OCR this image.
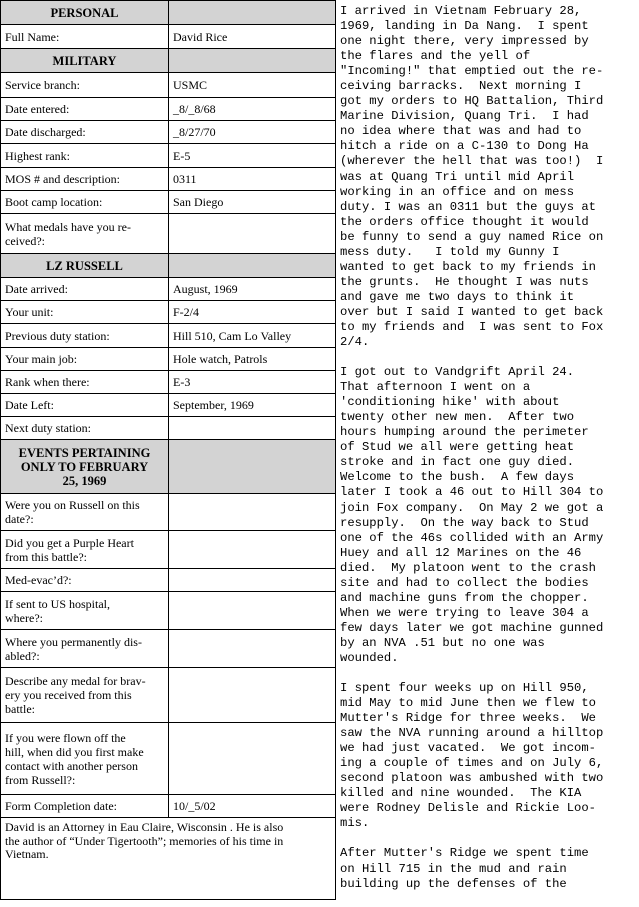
PERSONAL	
Full Name:	David Rice
MILITARY	
Service branch:	USMC
Date entered:	_8/_8/68
Date discharged:	_8/27/70
Highest rank:	E-5
MOS # and description:	0311
Boot camp location:	San Diego
What medals have you re-
ceived?:	
LZ RUSSELL	
Date arrived:	August, 1969
Your unit:	F-2/4
Previous duty station:	Hill 510, Cam Lo Valley
Your main job:	Hole watch, Patrols
Rank when there:	E-3
Date Left:	September, 1969
Next duty station:	
EVENTS PERTAINING
ONLY TO FEBRUARY
25, 1969	
Were you on Russell on this
date?:	
Did you get a Purple Heart
from this battle?:	
Med-evac’d?:	
If sent to US hospital,
where?:	
Where you permanently dis-
abled?:	
Describe any medal for brav-
ery you received from this
battle:	
If you were flown off the
hill, when did you first make
contact with another person
from Russell?:	
Form Completion date:	10/_5/02
David is an Attorney in Eau Claire, Wisconsin . He is also
the author of “Under Tigertooth”; memories of his time in
Vietnam.	

I arrived in Vietnam February 28,
1969, landing in Da Nang.  I spent
one night there, very impressed by
the flares and the yell of
"Incoming!" that emptied out the re-
ceiving barracks.  Next morning I
got my orders to HQ Battalion, Third
Marine Division, Quang Tri.  I had
no idea where that was and had to
hitch a ride on a C-130 to Dong Ha
(wherever the hell that was too!)  I
was at Quang Tri until mid April
working in an office and on mess
duty. I was an 0311 but the guys at
the orders office thought it would
be funny to send a guy named Rice on
mess duty.   I told my Gunny I
wanted to get back to my friends in
the grunts.  He thought I was nuts
and gave me two days to think it
over but I said I wanted to get back
to my friends and  I was sent to Fox
2/4.

I got out to Vandgrift April 24.
That afternoon I went on a
'conditioning hike' with about
twenty other new men.  After two
hours humping around the perimeter
of Stud we all were getting heat
stroke and in fact one guy died.
Welcome to the bush.  A few days
later I took a 46 out to Hill 304 to
join Fox company.  On May 2 we got a
resupply.  On the way back to Stud
one of the 46s collided with an Army
Huey and all 12 Marines on the 46
died.  My platoon went to the crash
site and had to collect the bodies
and machine guns from the chopper.
When we were trying to leave 304 a
few days later we got machine gunned
by an NVA .51 but no one was
wounded.

I spent four weeks up on Hill 950,
mid May to mid June then we flew to
Mutter's Ridge for three weeks.  We
saw the NVA running around a hilltop
we had just vacated.  We got incom-
ing a couple of times and on July 6,
second platoon was ambushed with two
killed and nine wounded.  The KIA
were Rodney Delisle and Rickie Loo-
mis.

After Mutter's Ridge we spent time
on Hill 715 in the mud and rain
building up the defenses of the
